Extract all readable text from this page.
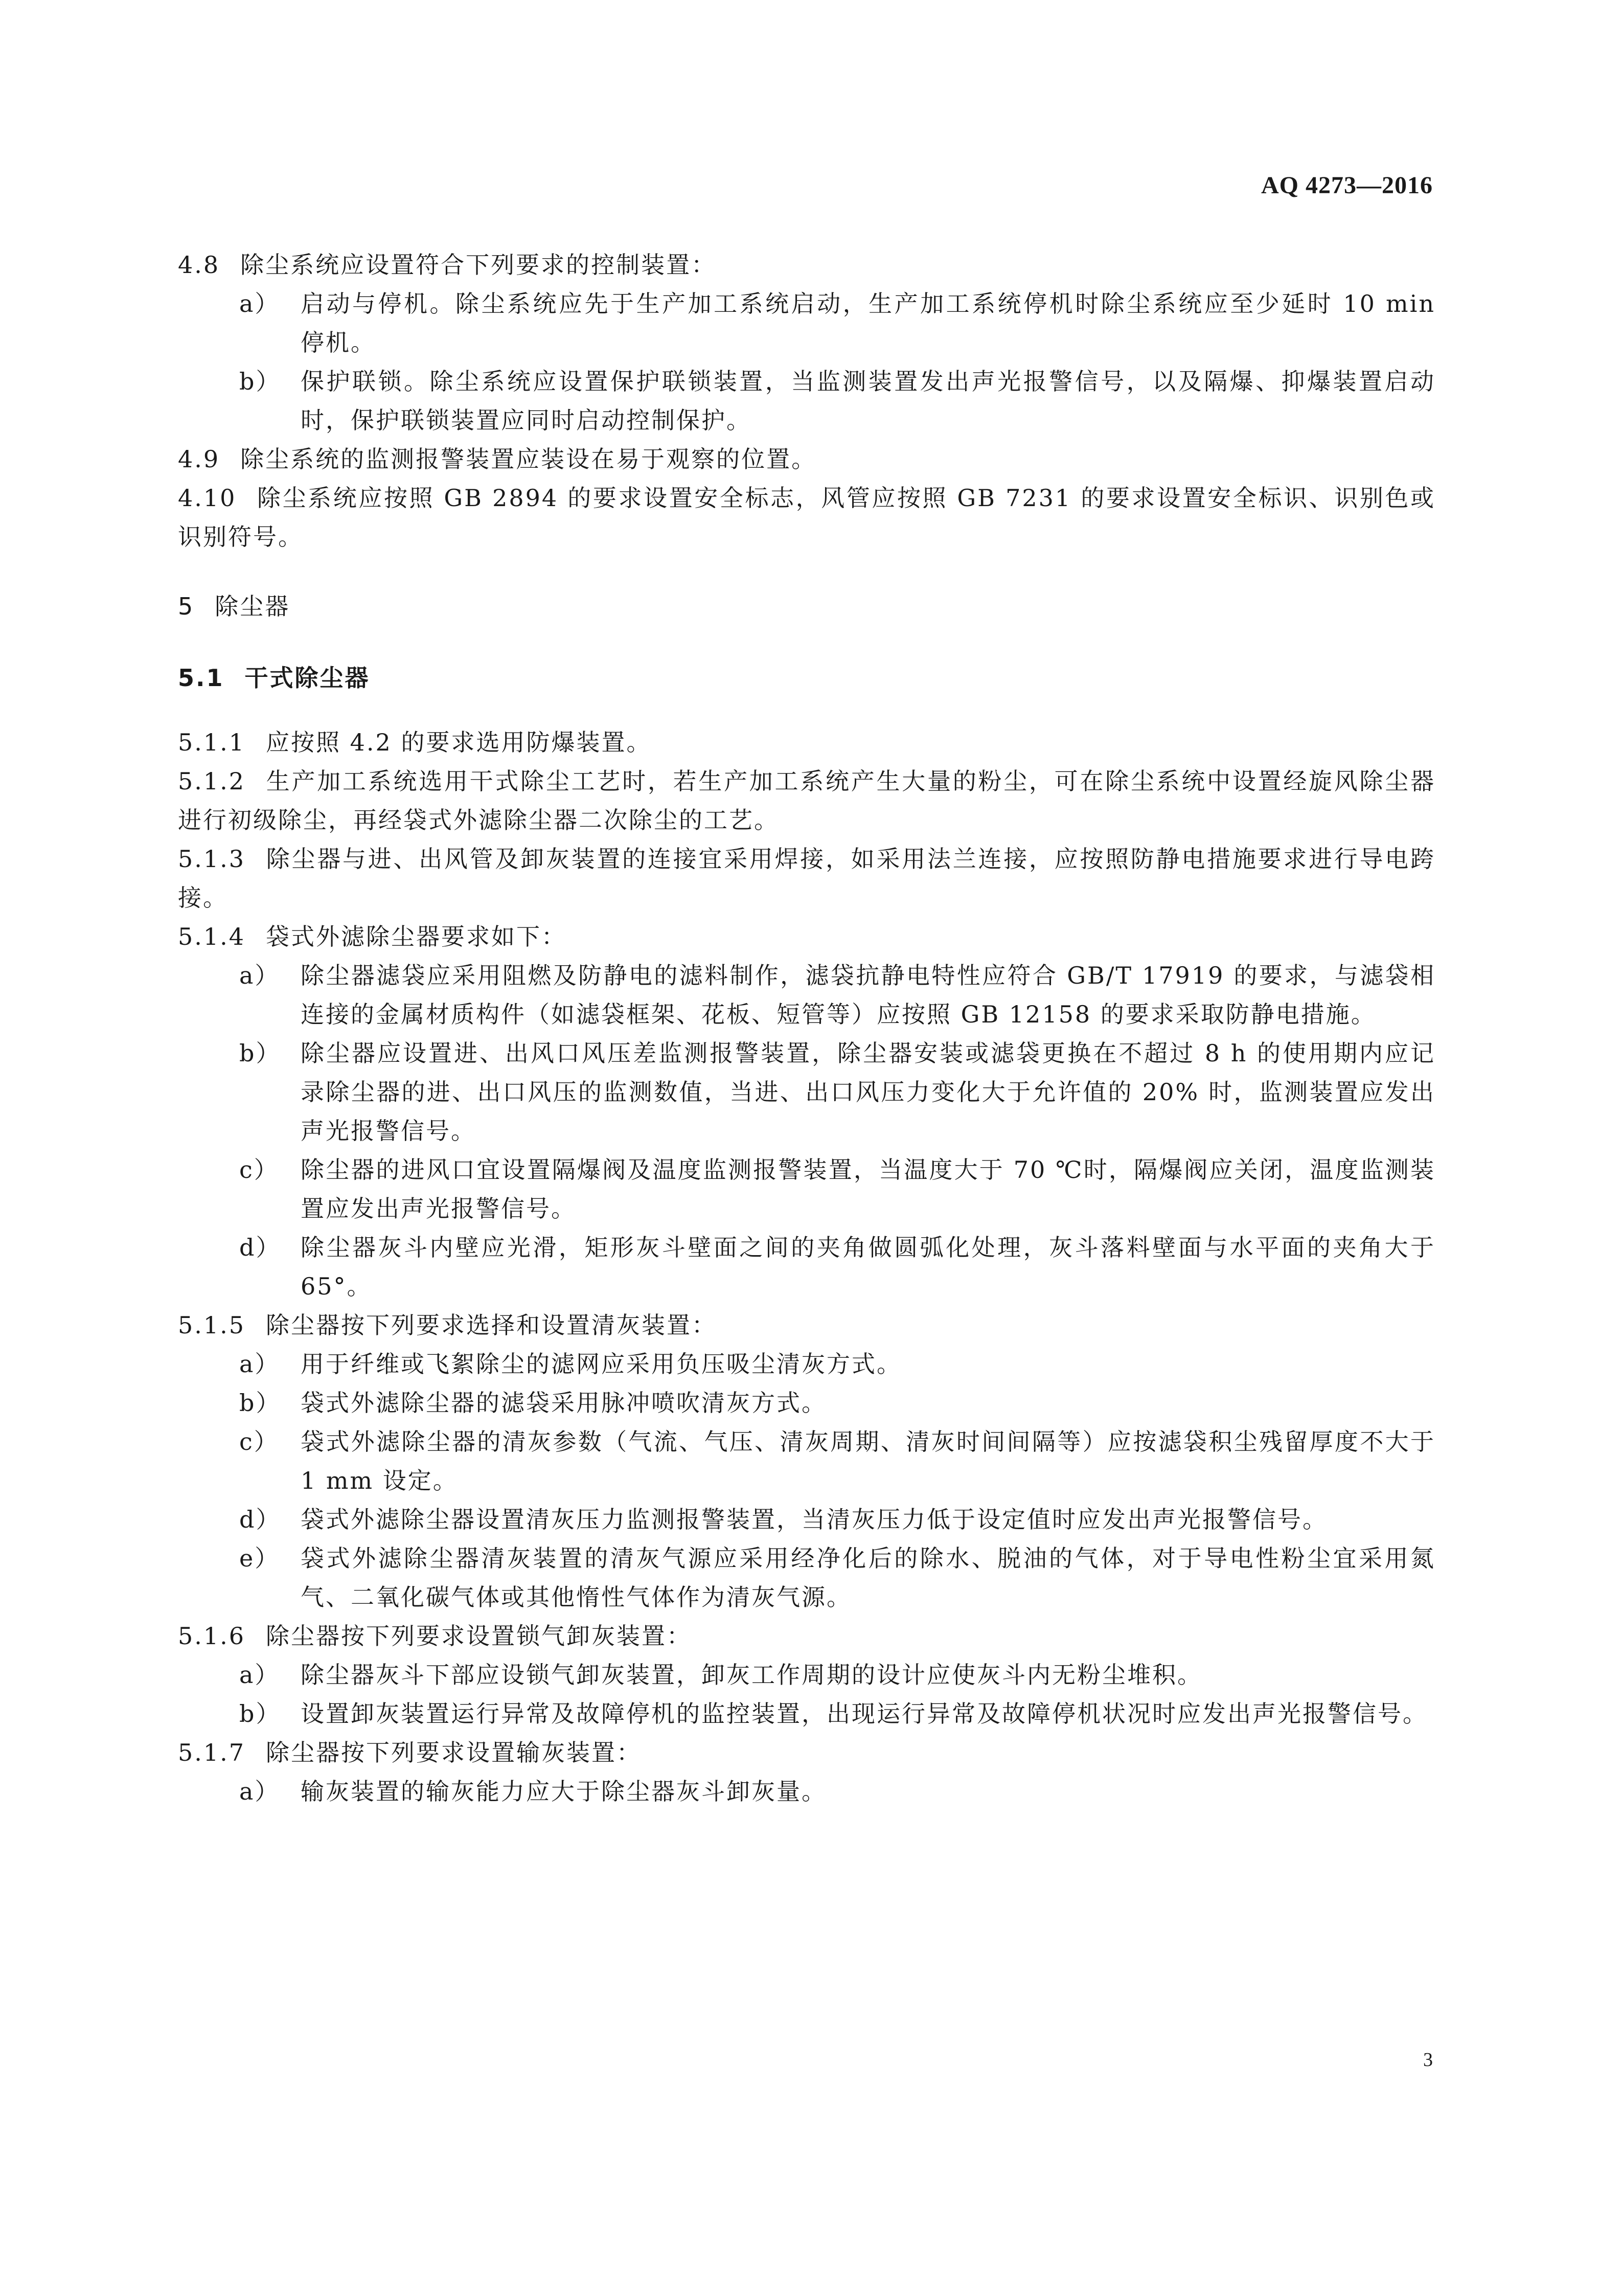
AQ 4273—2016

4.8 除尘系统应设置符合下列要求的控制装置：

a） 启动与停机。除尘系统应先于生产加工系统启动，生产加工系统停机时除尘系统应至少延时 10 min 停机。

b） 保护联锁。除尘系统应设置保护联锁装置，当监测装置发出声光报警信号，以及隔爆、抑爆装置启动时，保护联锁装置应同时启动控制保护。

4.9 除尘系统的监测报警装置应装设在易于观察的位置。

4.10 除尘系统应按照 GB 2894 的要求设置安全标志，风管应按照 GB 7231 的要求设置安全标识、识别色或识别符号。

5 除尘器

5.1 干式除尘器

5.1.1 应按照 4.2 的要求选用防爆装置。

5.1.2 生产加工系统选用干式除尘工艺时，若生产加工系统产生大量的粉尘，可在除尘系统中设置经旋风除尘器进行初级除尘，再经袋式外滤除尘器二次除尘的工艺。

5.1.3 除尘器与进、出风管及卸灰装置的连接宜采用焊接，如采用法兰连接，应按照防静电措施要求进行导电跨接。

5.1.4 袋式外滤除尘器要求如下：

a） 除尘器滤袋应采用阻燃及防静电的滤料制作，滤袋抗静电特性应符合 GB/T 17919 的要求，与滤袋相连接的金属材质构件（如滤袋框架、花板、短管等）应按照 GB 12158 的要求采取防静电措施。

b） 除尘器应设置进、出风口风压差监测报警装置，除尘器安装或滤袋更换在不超过 8 h 的使用期内应记录除尘器的进、出口风压的监测数值，当进、出口风压力变化大于允许值的 20% 时，监测装置应发出声光报警信号。

c） 除尘器的进风口宜设置隔爆阀及温度监测报警装置，当温度大于 70 ℃时，隔爆阀应关闭，温度监测装置应发出声光报警信号。

d） 除尘器灰斗内壁应光滑，矩形灰斗壁面之间的夹角做圆弧化处理，灰斗落料壁面与水平面的夹角大于 65°。

5.1.5 除尘器按下列要求选择和设置清灰装置：

a） 用于纤维或飞絮除尘的滤网应采用负压吸尘清灰方式。

b） 袋式外滤除尘器的滤袋采用脉冲喷吹清灰方式。

c） 袋式外滤除尘器的清灰参数（气流、气压、清灰周期、清灰时间间隔等）应按滤袋积尘残留厚度不大于 1 mm 设定。

d） 袋式外滤除尘器设置清灰压力监测报警装置，当清灰压力低于设定值时应发出声光报警信号。

e） 袋式外滤除尘器清灰装置的清灰气源应采用经净化后的除水、脱油的气体，对于导电性粉尘宜采用氮气、二氧化碳气体或其他惰性气体作为清灰气源。

5.1.6 除尘器按下列要求设置锁气卸灰装置：

a） 除尘器灰斗下部应设锁气卸灰装置，卸灰工作周期的设计应使灰斗内无粉尘堆积。

b） 设置卸灰装置运行异常及故障停机的监控装置，出现运行异常及故障停机状况时应发出声光报警信号。

5.1.7 除尘器按下列要求设置输灰装置：

a） 输灰装置的输灰能力应大于除尘器灰斗卸灰量。

3
